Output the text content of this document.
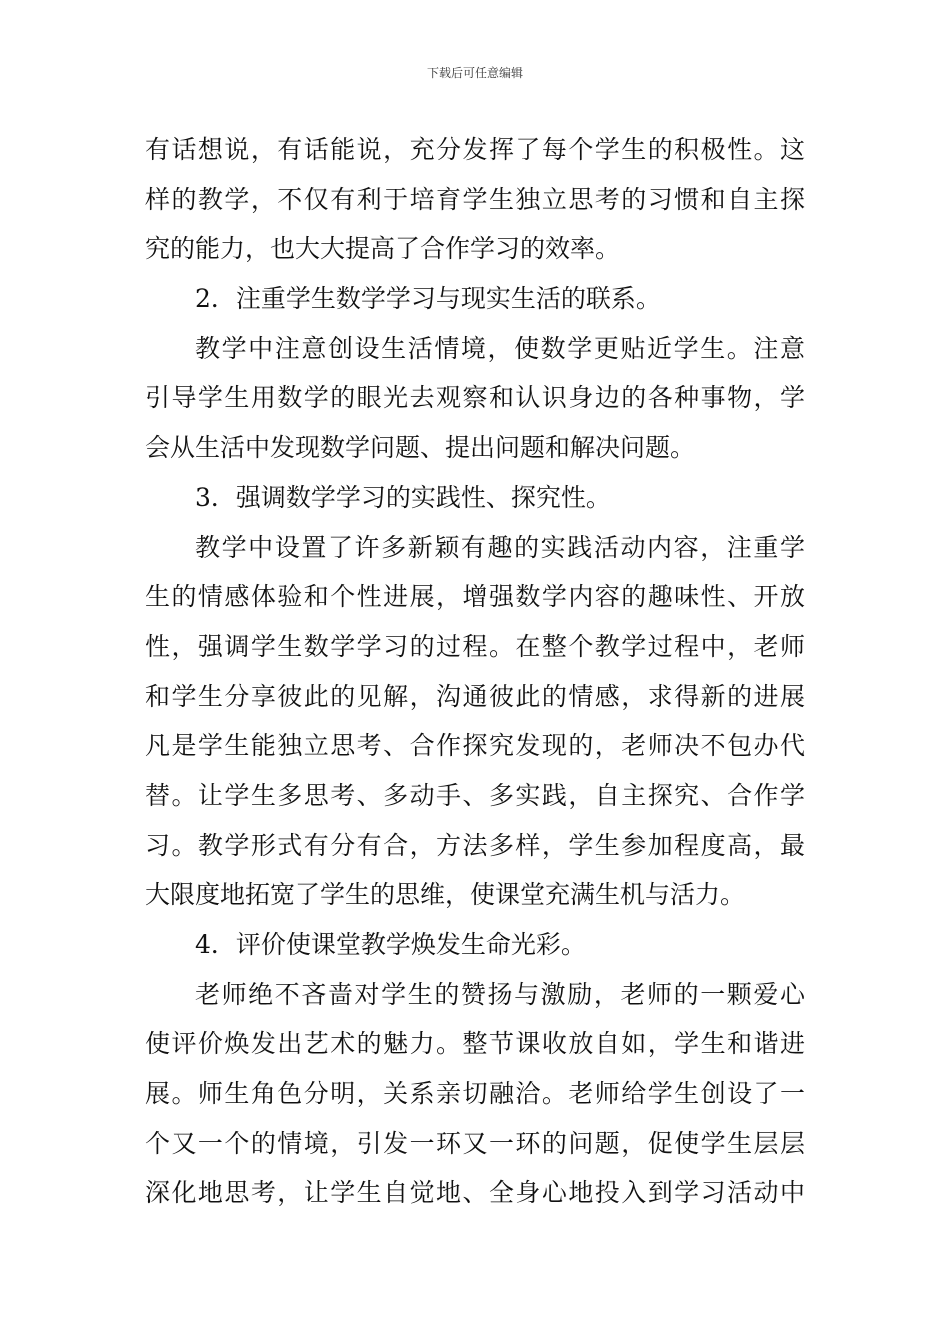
下载后可任意编辑
有话想说，有话能说，充分发挥了每个学生的积极性。这
样的教学，不仅有利于培育学生独立思考的习惯和自主探
究的能力，也大大提高了合作学习的效率。
2．注重学生数学学习与现实生活的联系。
教学中注意创设生活情境，使数学更贴近学生。注意
引导学生用数学的眼光去观察和认识身边的各种事物，学
会从生活中发现数学问题、提出问题和解决问题。
3．强调数学学习的实践性、探究性。
教学中设置了许多新颖有趣的实践活动内容，注重学
生的情感体验和个性进展，增强数学内容的趣味性、开放
性，强调学生数学学习的过程。在整个教学过程中，老师
和学生分享彼此的见解，沟通彼此的情感，求得新的进展
凡是学生能独立思考、合作探究发现的，老师决不包办代
替。让学生多思考、多动手、多实践，自主探究、合作学
习。教学形式有分有合，方法多样，学生参加程度高，最
大限度地拓宽了学生的思维，使课堂充满生机与活力。
4．评价使课堂教学焕发生命光彩。
老师绝不吝啬对学生的赞扬与激励，老师的一颗爱心
使评价焕发出艺术的魅力。整节课收放自如，学生和谐进
展。师生角色分明，关系亲切融洽。老师给学生创设了一
个又一个的情境，引发一环又一环的问题，促使学生层层
深化地思考，让学生自觉地、全身心地投入到学习活动中
